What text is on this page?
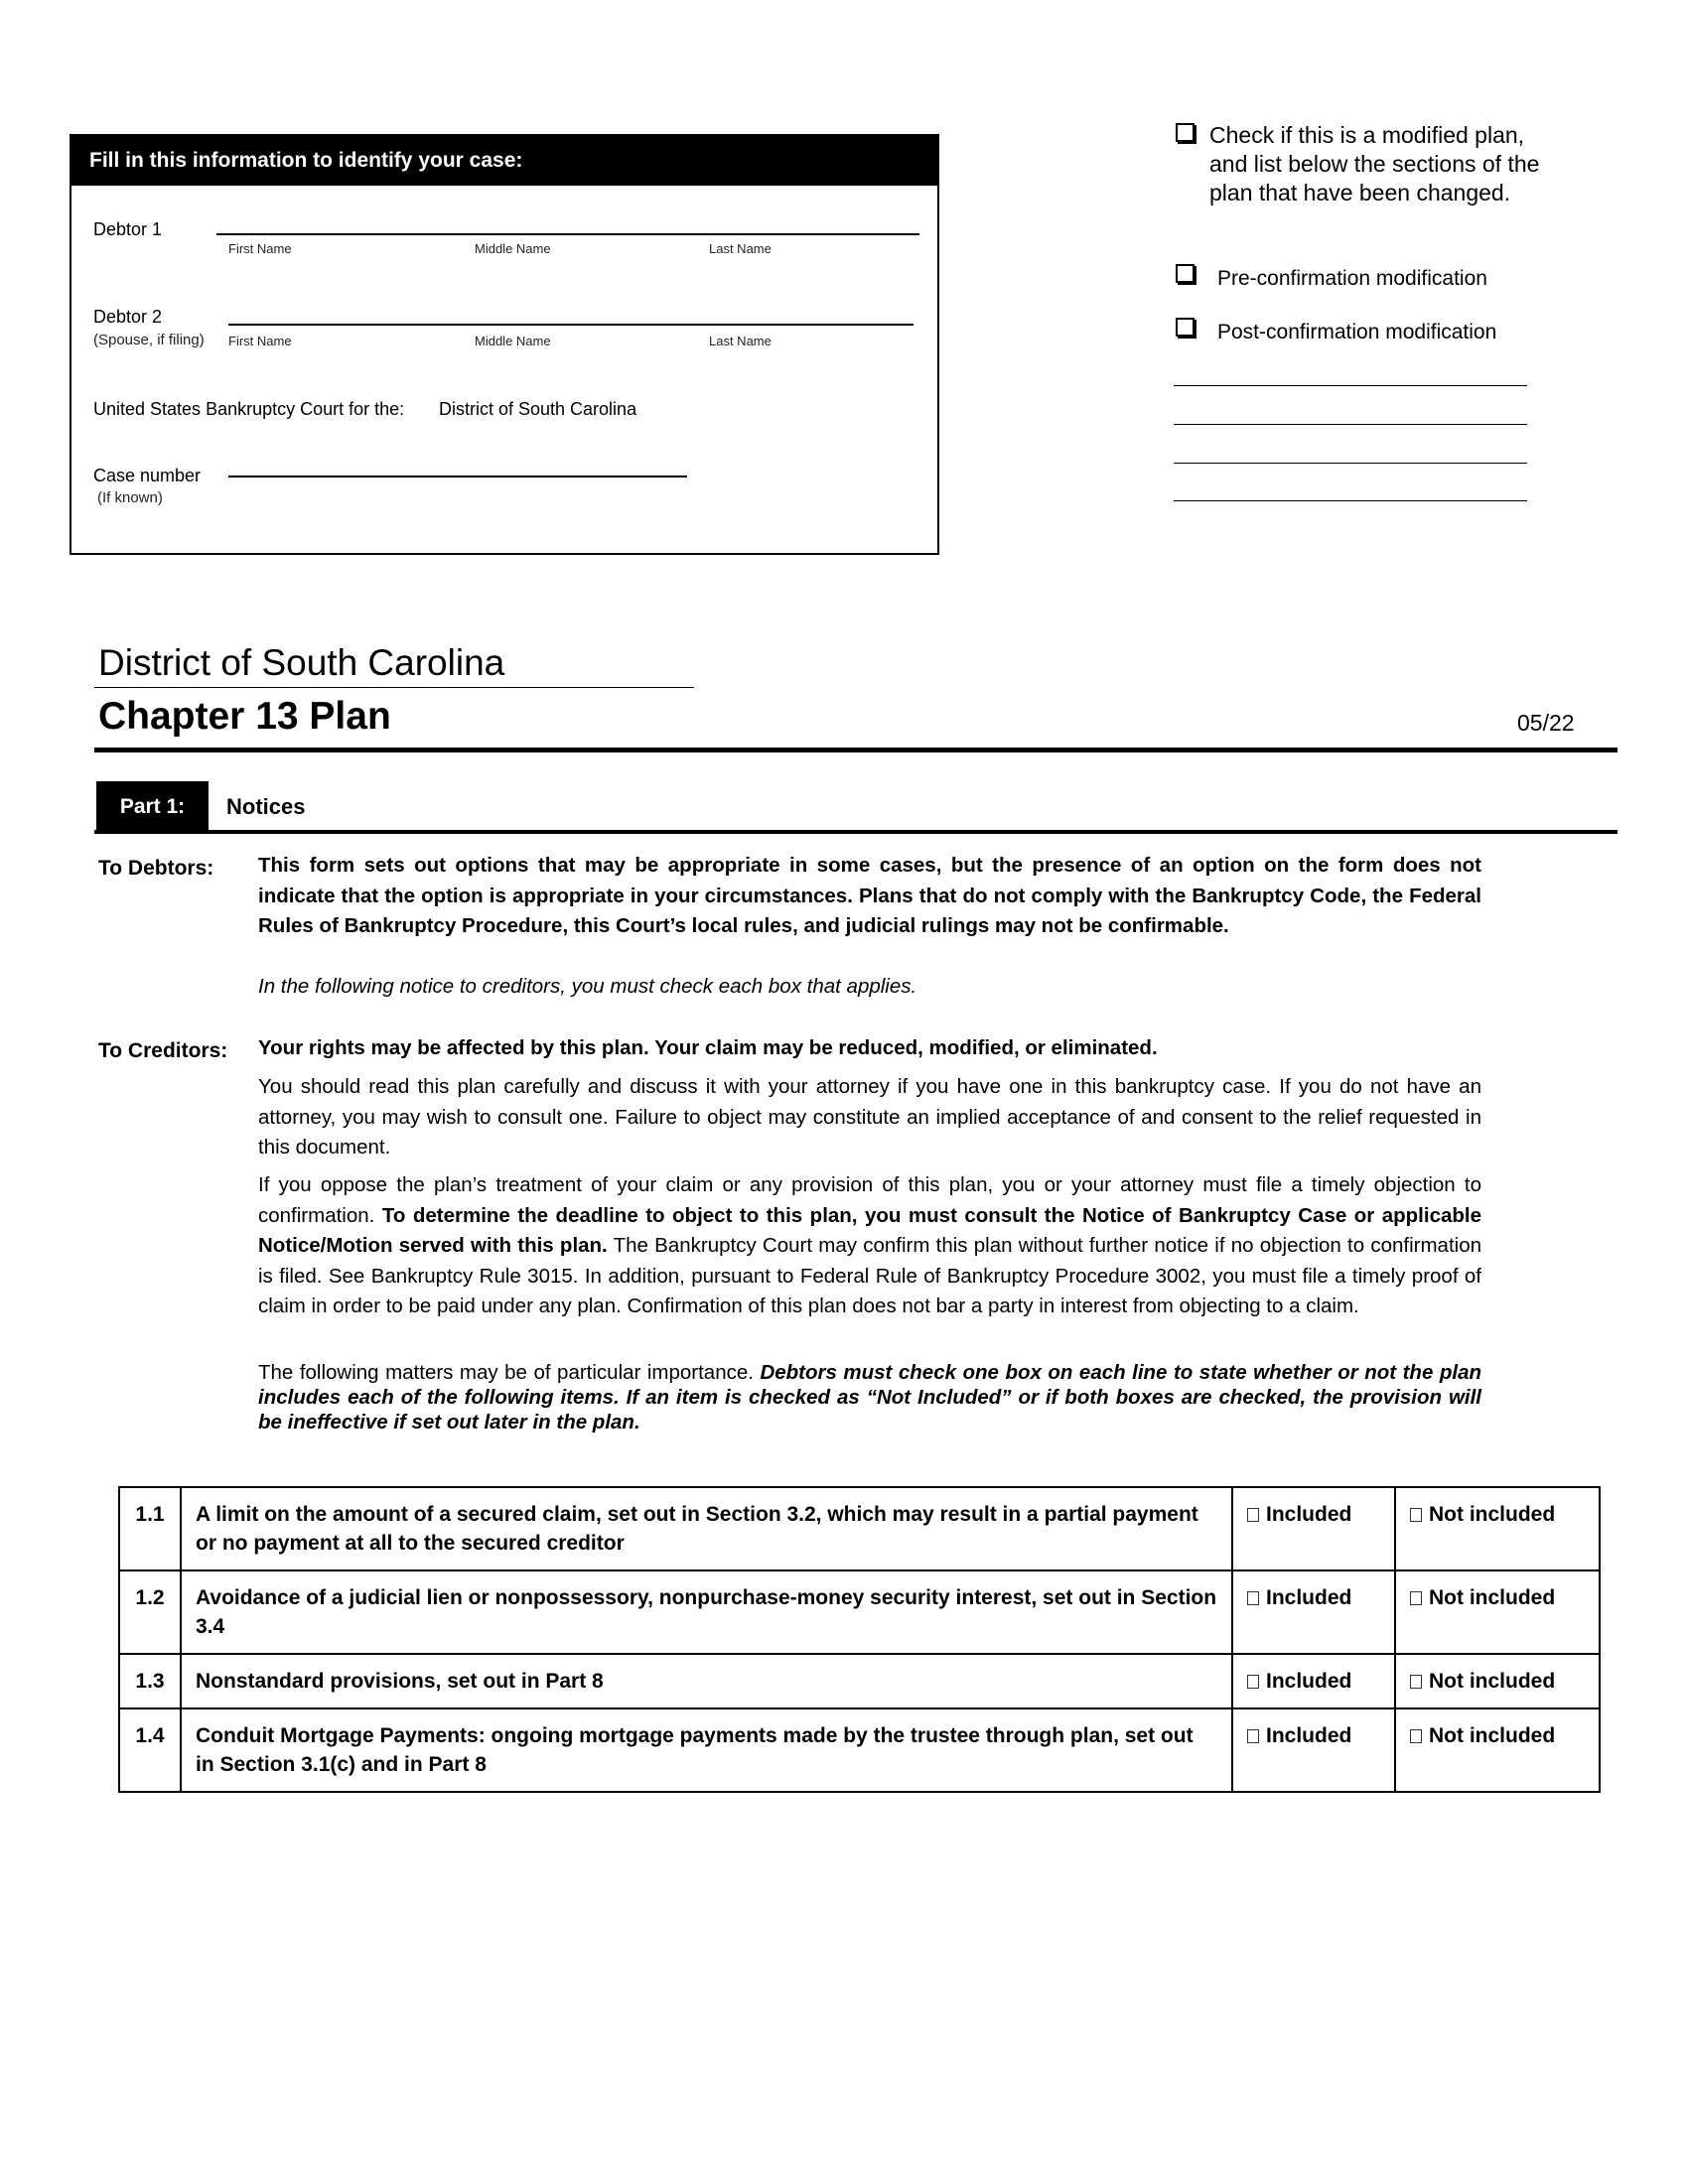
Fill in this information to identify your case:
Debtor 1
First Name	Middle Name	Last Name
Debtor 2
(Spouse, if filing) First Name	Middle Name	Last Name
United States Bankruptcy Court for the: District of South Carolina
Case number
(If known)
Check if this is a modified plan, and list below the sections of the plan that have been changed.
Pre-confirmation modification
Post-confirmation modification
District of South Carolina
Chapter 13 Plan	05/22
Part 1:	Notices
To Debtors: This form sets out options that may be appropriate in some cases, but the presence of an option on the form does not indicate that the option is appropriate in your circumstances. Plans that do not comply with the Bankruptcy Code, the Federal Rules of Bankruptcy Procedure, this Court’s local rules, and judicial rulings may not be confirmable.
In the following notice to creditors, you must check each box that applies.
To Creditors: Your rights may be affected by this plan. Your claim may be reduced, modified, or eliminated.
You should read this plan carefully and discuss it with your attorney if you have one in this bankruptcy case. If you do not have an attorney, you may wish to consult one. Failure to object may constitute an implied acceptance of and consent to the relief requested in this document.
If you oppose the plan’s treatment of your claim or any provision of this plan, you or your attorney must file a timely objection to confirmation. To determine the deadline to object to this plan, you must consult the Notice of Bankruptcy Case or applicable Notice/Motion served with this plan. The Bankruptcy Court may confirm this plan without further notice if no objection to confirmation is filed. See Bankruptcy Rule 3015. In addition, pursuant to Federal Rule of Bankruptcy Procedure 3002, you must file a timely proof of claim in order to be paid under any plan. Confirmation of this plan does not bar a party in interest from objecting to a claim.
The following matters may be of particular importance. Debtors must check one box on each line to state whether or not the plan includes each of the following items. If an item is checked as “Not Included” or if both boxes are checked, the provision will be ineffective if set out later in the plan.
1.1	A limit on the amount of a secured claim, set out in Section 3.2, which may result in a partial payment or no payment at all to the secured creditor	Included	Not included
1.2	Avoidance of a judicial lien or nonpossessory, nonpurchase-money security interest, set out in Section 3.4	Included	Not included
1.3	Nonstandard provisions, set out in Part 8	Included	Not included
1.4	Conduit Mortgage Payments: ongoing mortgage payments made by the trustee through plan, set out in Section 3.1(c) and in Part 8	Included	Not included
